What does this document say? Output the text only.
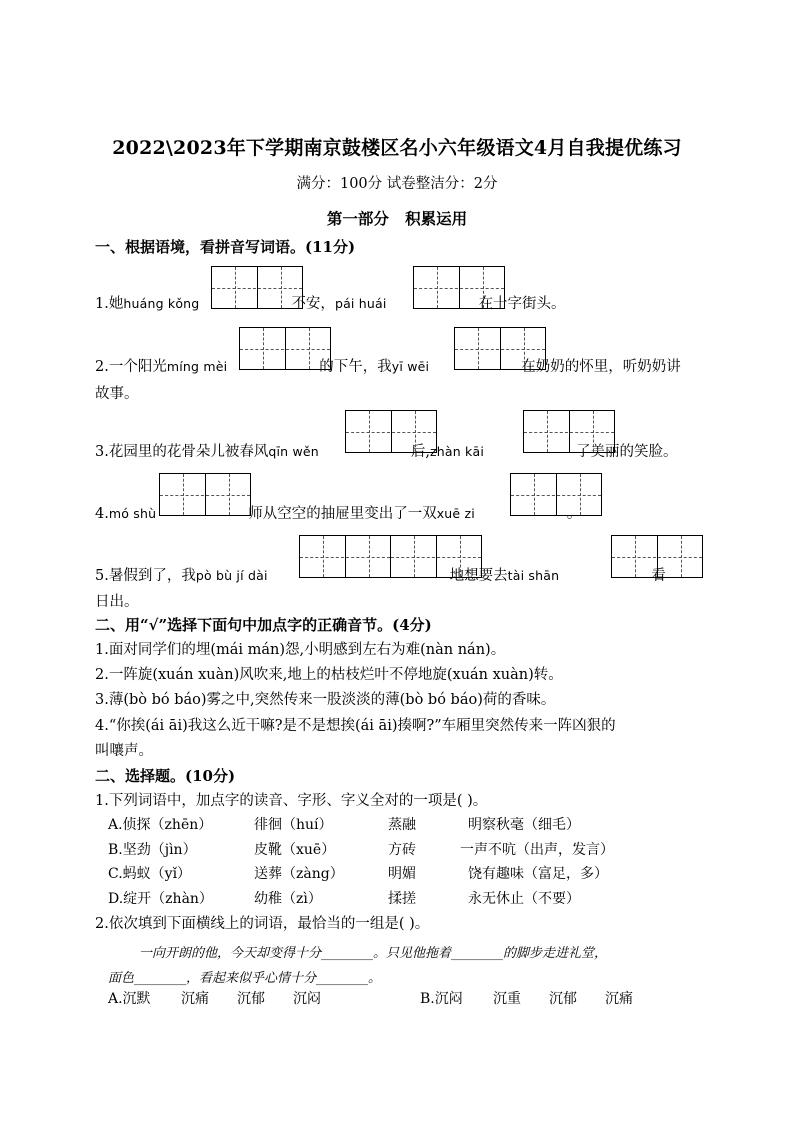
2022\2023年下学期南京鼓楼区名小六年级语文4月自我提优练习
满分：100分 试卷整洁分：2分
第一部分   积累运用
一、根据语境，看拼音写词语。(11分)
1.她huáng kǒng	不安，pái huái	在十字街头。
2.一个阳光míng mèi	的下午，我yī wēi	在奶奶的怀里，听奶奶讲
故事。
3.花园里的花骨朵儿被春风qīn wěn	后,zhàn kāi	了美丽的笑脸。
4.mó shù	师从空空的抽屉里变出了一双xuē zi	。
5.暑假到了，我pò bù jí dài	地想要去tài shān	看
日出。
二、用“√”选择下面句中加点字的正确音节。(4分)
1.面对同学们的埋(mái mán)怨,小明感到左右为难(nàn nán)。
2.一阵旋(xuán xuàn)风吹来,地上的枯枝烂叶不停地旋(xuán xuàn)转。
3.薄(bò bó báo)雾之中,突然传来一股淡淡的薄(bò bó báo)荷的香味。
4.“你挨(ái āi)我这么近干嘛?是不是想挨(ái āi)揍啊?”车厢里突然传来一阵凶狠的
叫嚷声。
二、选择题。(10分)
1.下列词语中，加点字的读音、字形、字义全对的一项是( )。
A.侦探（zhēn）	徘徊（huí）	蒸融	明察秋毫（细毛）
B.坚劲（jìn）	皮靴（xuē）	方砖	一声不吭（出声，发言）
C.蚂蚁（yǐ）	送葬（zàng）	明媚	饶有趣味（富足，多）
D.绽开（zhàn）	幼稚（zì）	揉搓	永无休止（不要）
2.依次填到下面横线上的词语，最恰当的一组是( )。
一向开朗的他，今天却变得十分________。只见他拖着________的脚步走进礼堂，
面色________，看起来似乎心情十分________。
A.沉默 沉痛 沉郁 沉闷	B.沉闷 沉重 沉郁 沉痛
